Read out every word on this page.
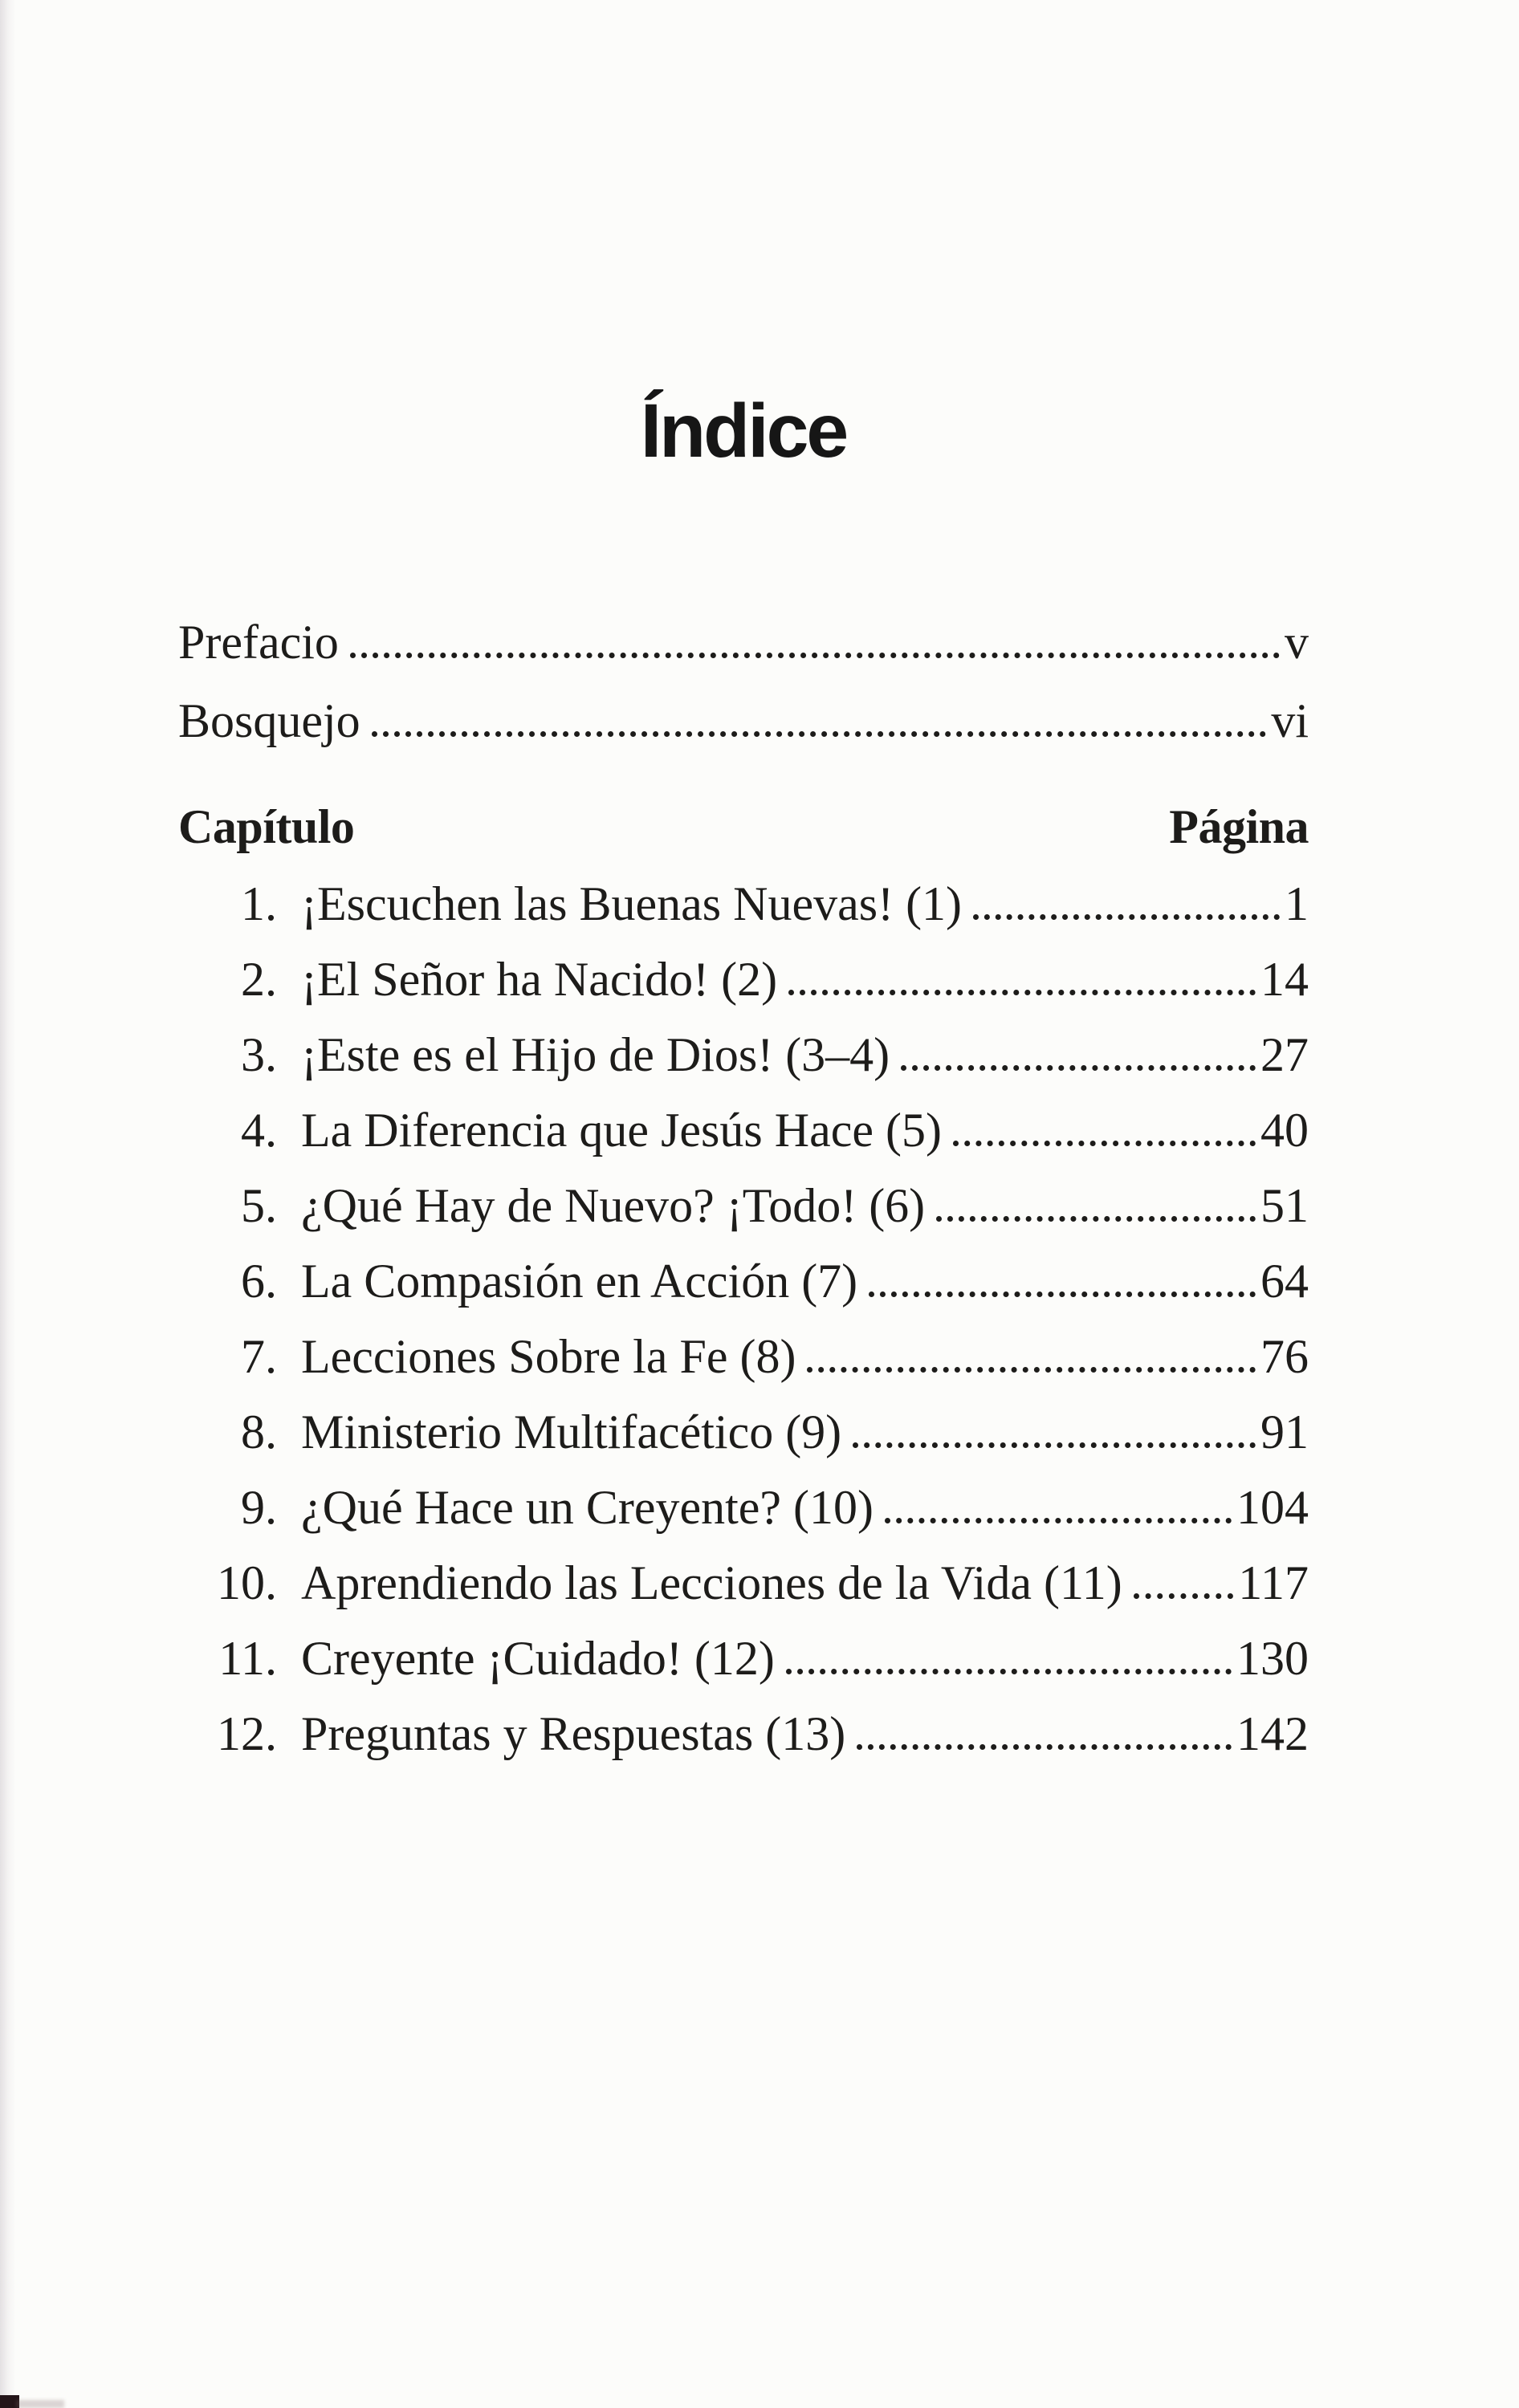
Índice
Prefacio	v
Bosquejo	vi
Capítulo	Página
1. ¡Escuchen las Buenas Nuevas! (1)	1
2. ¡El Señor ha Nacido! (2)	14
3. ¡Este es el Hijo de Dios! (3–4)	27
4. La Diferencia que Jesús Hace (5)	40
5. ¿Qué Hay de Nuevo? ¡Todo! (6)	51
6. La Compasión en Acción (7)	64
7. Lecciones Sobre la Fe (8)	76
8. Ministerio Multifacético (9)	91
9. ¿Qué Hace un Creyente? (10)	104
10. Aprendiendo las Lecciones de la Vida (11) 117
11. Creyente ¡Cuidado! (12)	130
12. Preguntas y Respuestas (13)	142
